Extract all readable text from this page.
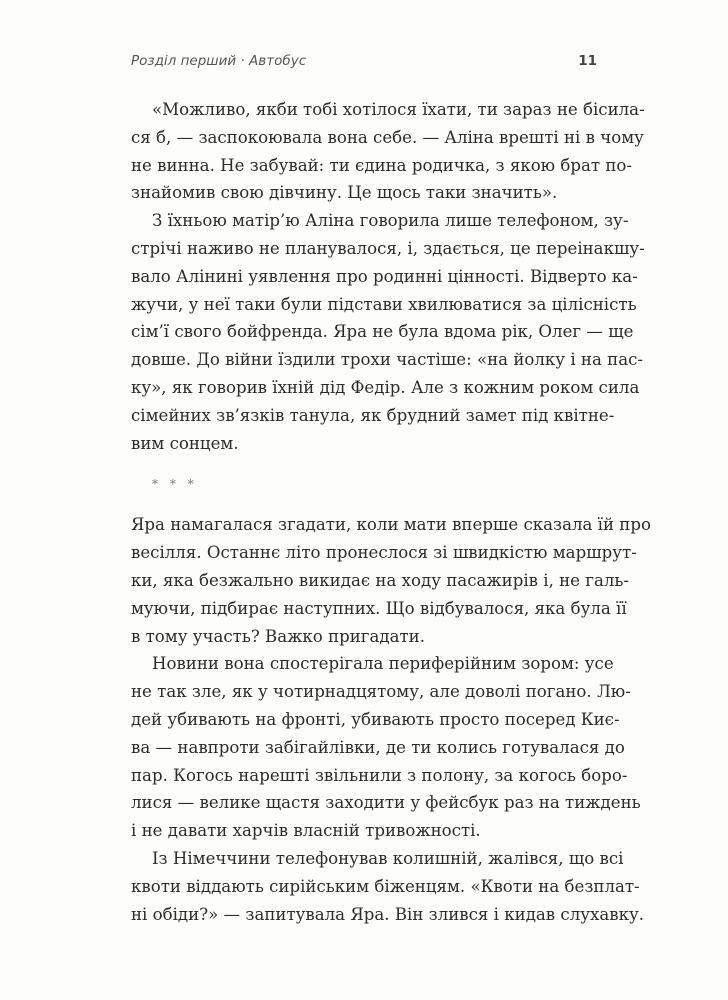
Розділ перший · Автобус	11
«Можливо, якби тобі хотілося їхати, ти зараз не бісила-
ся б, — заспокоювала вона себе. — Аліна врешті ні в чому
не винна. Не забувай: ти єдина родичка, з якою брат по-
знайомив свою дівчину. Це щось таки значить».
З їхньою матір’ю Аліна говорила лише телефоном, зу-
стрічі наживо не планувалося, і, здається, це переінакшу-
вало Алінині уявлення про родинні цінності. Відверто ка-
жучи, у неї таки були підстави хвилюватися за цілісність
сім’ї свого бойфренда. Яра не була вдома рік, Олег — ще
довше. До війни їздили трохи частіше: «на йолку і на пас-
ку», як говорив їхній дід Федір. Але з кожним роком сила
сімейних зв’язків танула, як брудний замет під квітне-
вим сонцем.
* * *
Яра намагалася згадати, коли мати вперше сказала їй про
весілля. Останнє літо пронеслося зі швидкістю маршрут-
ки, яка безжально викидає на ходу пасажирів і, не галь-
муючи, підбирає наступних. Що відбувалося, яка була її
в тому участь? Важко пригадати.
Новини вона спостерігала периферійним зором: усе
не так зле, як у чотирнадцятому, але доволі погано. Лю-
дей убивають на фронті, убивають просто посеред Киє-
ва — навпроти забігайлівки, де ти колись готувалася до
пар. Когось нарешті звільнили з полону, за когось боро-
лися — велике щастя заходити у фейсбук раз на тиждень
і не давати харчів власній тривожності.
Із Німеччини телефонував колишній, жалівся, що всі
квоти віддають сирійським біженцям. «Квоти на безплат-
ні обіди?» — запитувала Яра. Він злився і кидав слухавку.
